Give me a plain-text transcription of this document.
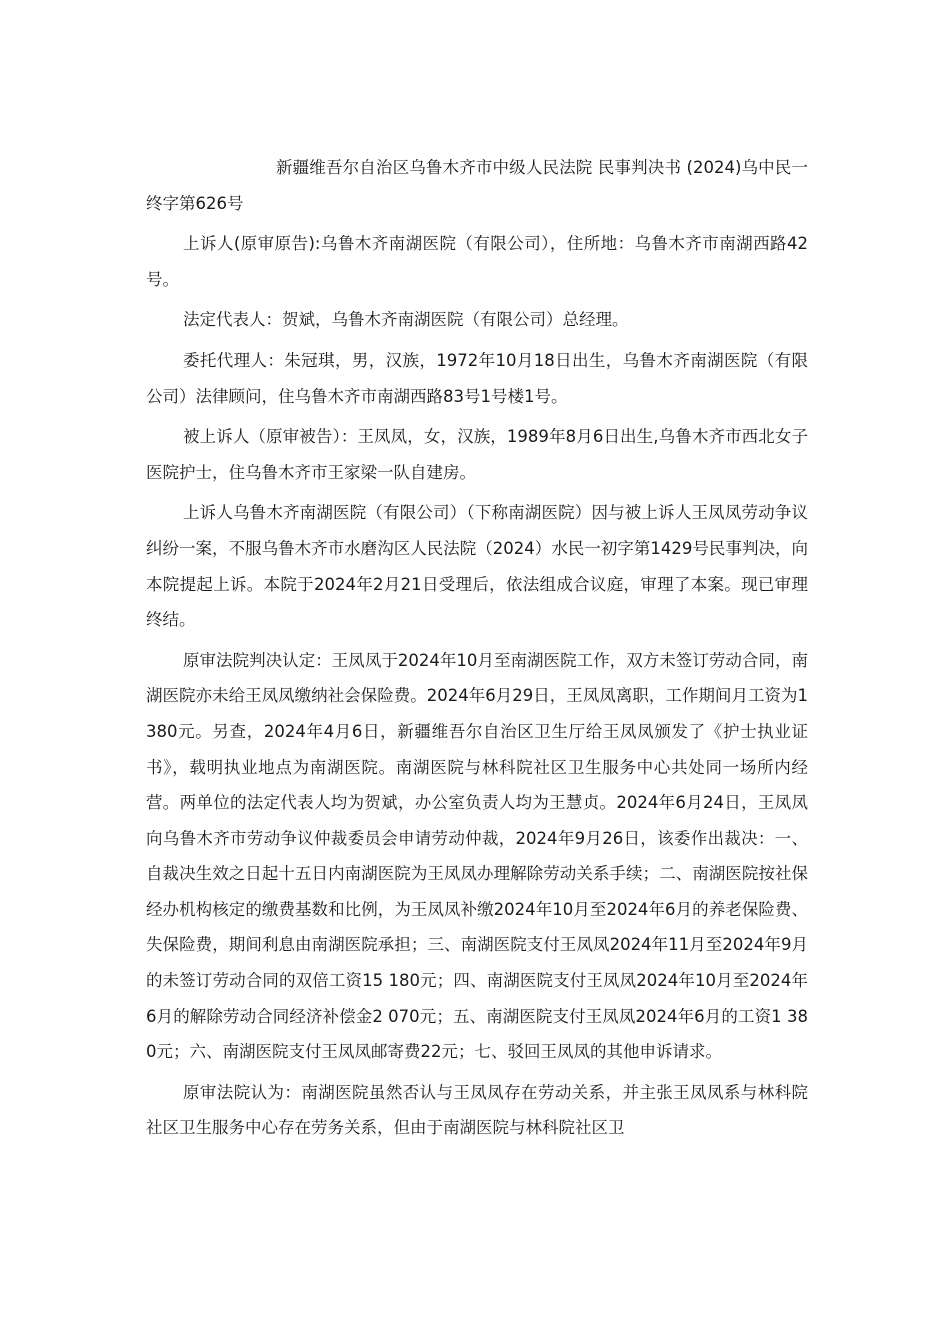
新疆维吾尔自治区乌鲁木齐市中级人民法院 民事判决书 (2024)乌中民一终字第626号

上诉人(原审原告):乌鲁木齐南湖医院（有限公司），住所地：乌鲁木齐市南湖西路42号。

法定代表人：贺斌，乌鲁木齐南湖医院（有限公司）总经理。

委托代理人：朱冠琪，男，汉族，1972年10月18日出生，乌鲁木齐南湖医院（有限公司）法律顾问，住乌鲁木齐市南湖西路83号1号楼1号。

被上诉人（原审被告）：王凤凤，女，汉族，1989年8月6日出生,乌鲁木齐市西北女子医院护士，住乌鲁木齐市王家梁一队自建房。

上诉人乌鲁木齐南湖医院（有限公司）（下称南湖医院）因与被上诉人王凤凤劳动争议纠纷一案，不服乌鲁木齐市水磨沟区人民法院（2024）水民一初字第1429号民事判决，向本院提起上诉。本院于2024年2月21日受理后，依法组成合议庭，审理了本案。现已审理终结。

原审法院判决认定：王凤凤于2024年10月至南湖医院工作，双方未签订劳动合同，南湖医院亦未给王凤凤缴纳社会保险费。2024年6月29日，王凤凤离职，工作期间月工资为1 380元。另查，2024年4月6日，新疆维吾尔自治区卫生厅给王凤凤颁发了《护士执业证书》，载明执业地点为南湖医院。南湖医院与林科院社区卫生服务中心共处同一场所内经营。两单位的法定代表人均为贺斌，办公室负责人均为王慧贞。2024年6月24日，王凤凤向乌鲁木齐市劳动争议仲裁委员会申请劳动仲裁，2024年9月26日，该委作出裁决：一、自裁决生效之日起十五日内南湖医院为王凤凤办理解除劳动关系手续；二、南湖医院按社保经办机构核定的缴费基数和比例，为王凤凤补缴2024年10月至2024年6月的养老保险费、失保险费，期间利息由南湖医院承担；三、南湖医院支付王凤凤2024年11月至2024年9月的未签订劳动合同的双倍工资15 180元；四、南湖医院支付王凤凤2024年10月至2024年6月的解除劳动合同经济补偿金2 070元；五、南湖医院支付王凤凤2024年6月的工资1 380元；六、南湖医院支付王凤凤邮寄费22元；七、驳回王凤凤的其他申诉请求。

原审法院认为：南湖医院虽然否认与王凤凤存在劳动关系，并主张王凤凤系与林科院社区卫生服务中心存在劳务关系，但由于南湖医院与林科院社区卫
